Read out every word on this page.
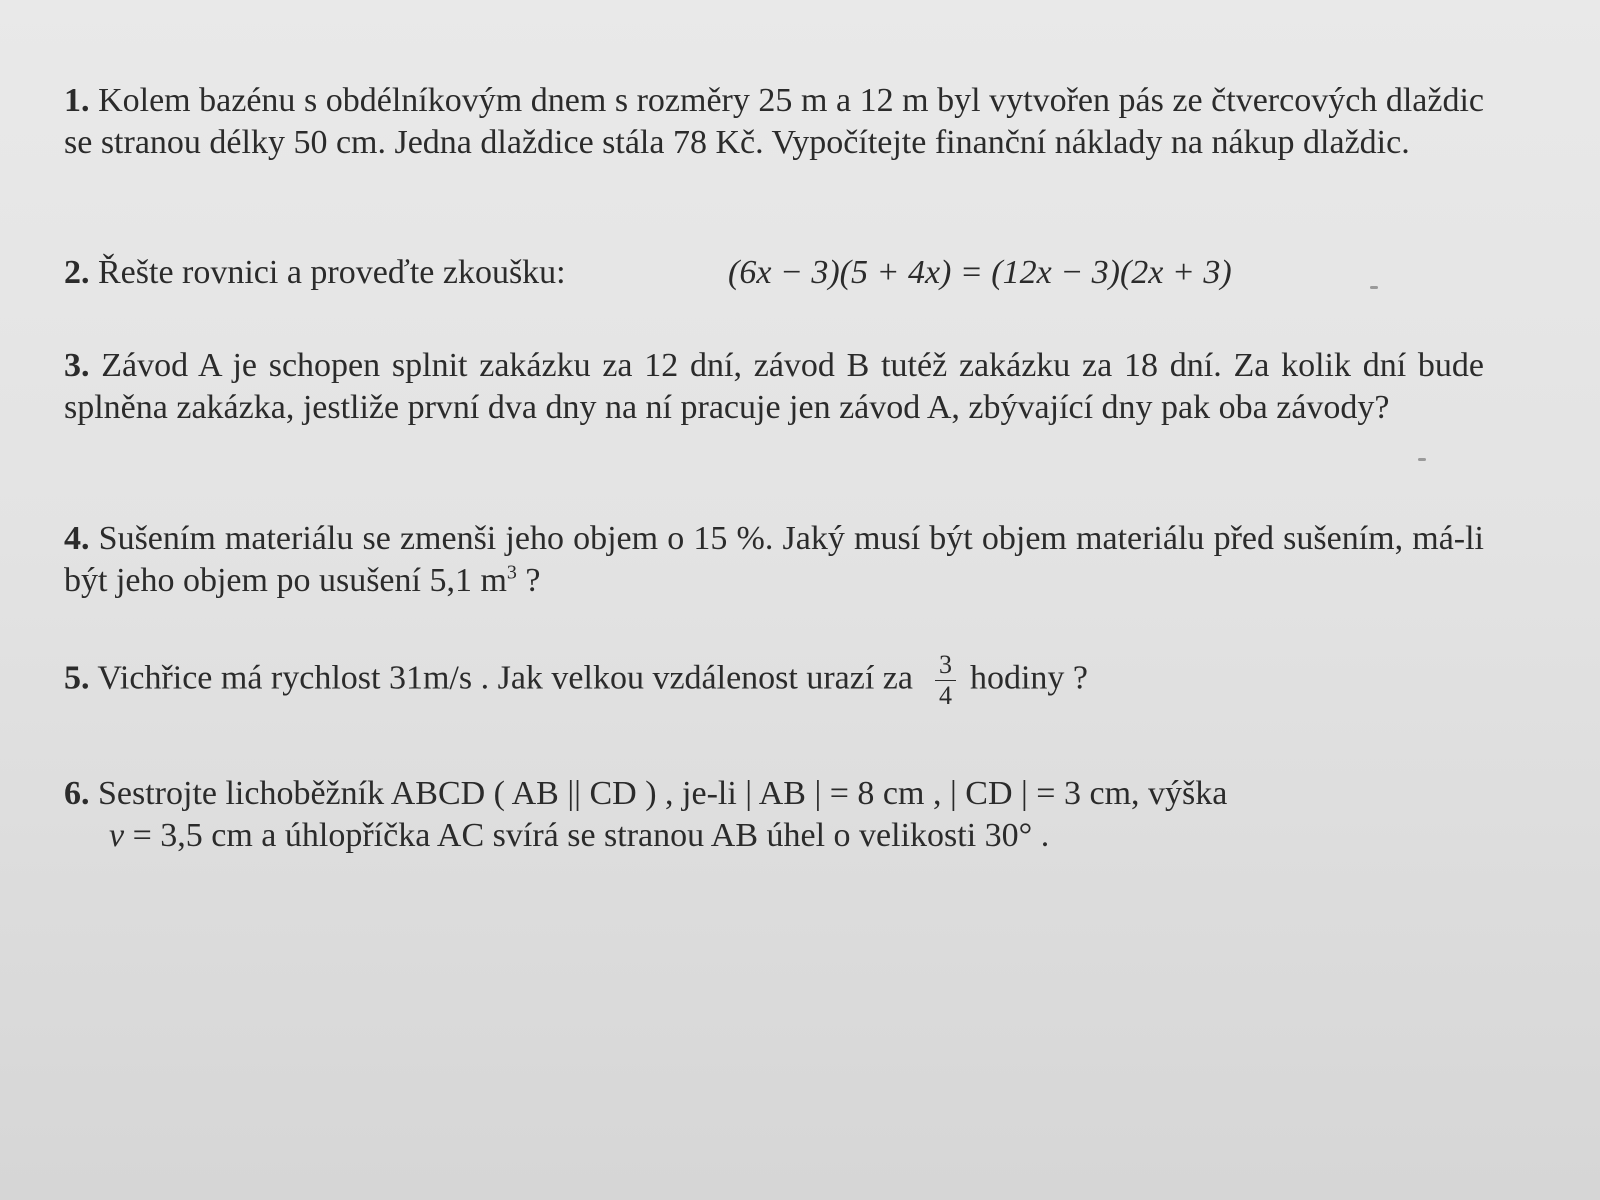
1. Kolem bazénu s obdélníkovým dnem s rozměry 25 m a 12 m byl vytvořen pás ze čtvercových dlaždic se stranou délky 50 cm. Jedna dlaždice stála 78 Kč. Vypočítejte finanční náklady na nákup dlaždic.
2. Řešte rovnici a proveďte zkoušku:	(6x − 3)(5 + 4x) = (12x − 3)(2x + 3)
3. Závod A je schopen splnit zakázku za 12 dní, závod B tutéž zakázku za 18 dní. Za kolik dní bude splněna zakázka, jestliže první dva dny na ní pracuje jen závod A, zbývající dny pak oba závody?
4. Sušením materiálu se zmenši jeho objem o 15 %. Jaký musí být objem materiálu před sušením, má-li být jeho objem po usušení 5,1 $m^3$ ?
5. Vichřice má rychlost 31m/s . Jak velkou vzdálenost urazí za $\frac{3}{4}$ hodiny ?
6. Sestrojte lichoběžník ABCD ( AB || CD ) , je-li | AB | = 8 cm , | CD | = 3 cm, výška
v = 3,5 cm a úhlopříčka AC svírá se stranou AB úhel o velikosti 30° .
